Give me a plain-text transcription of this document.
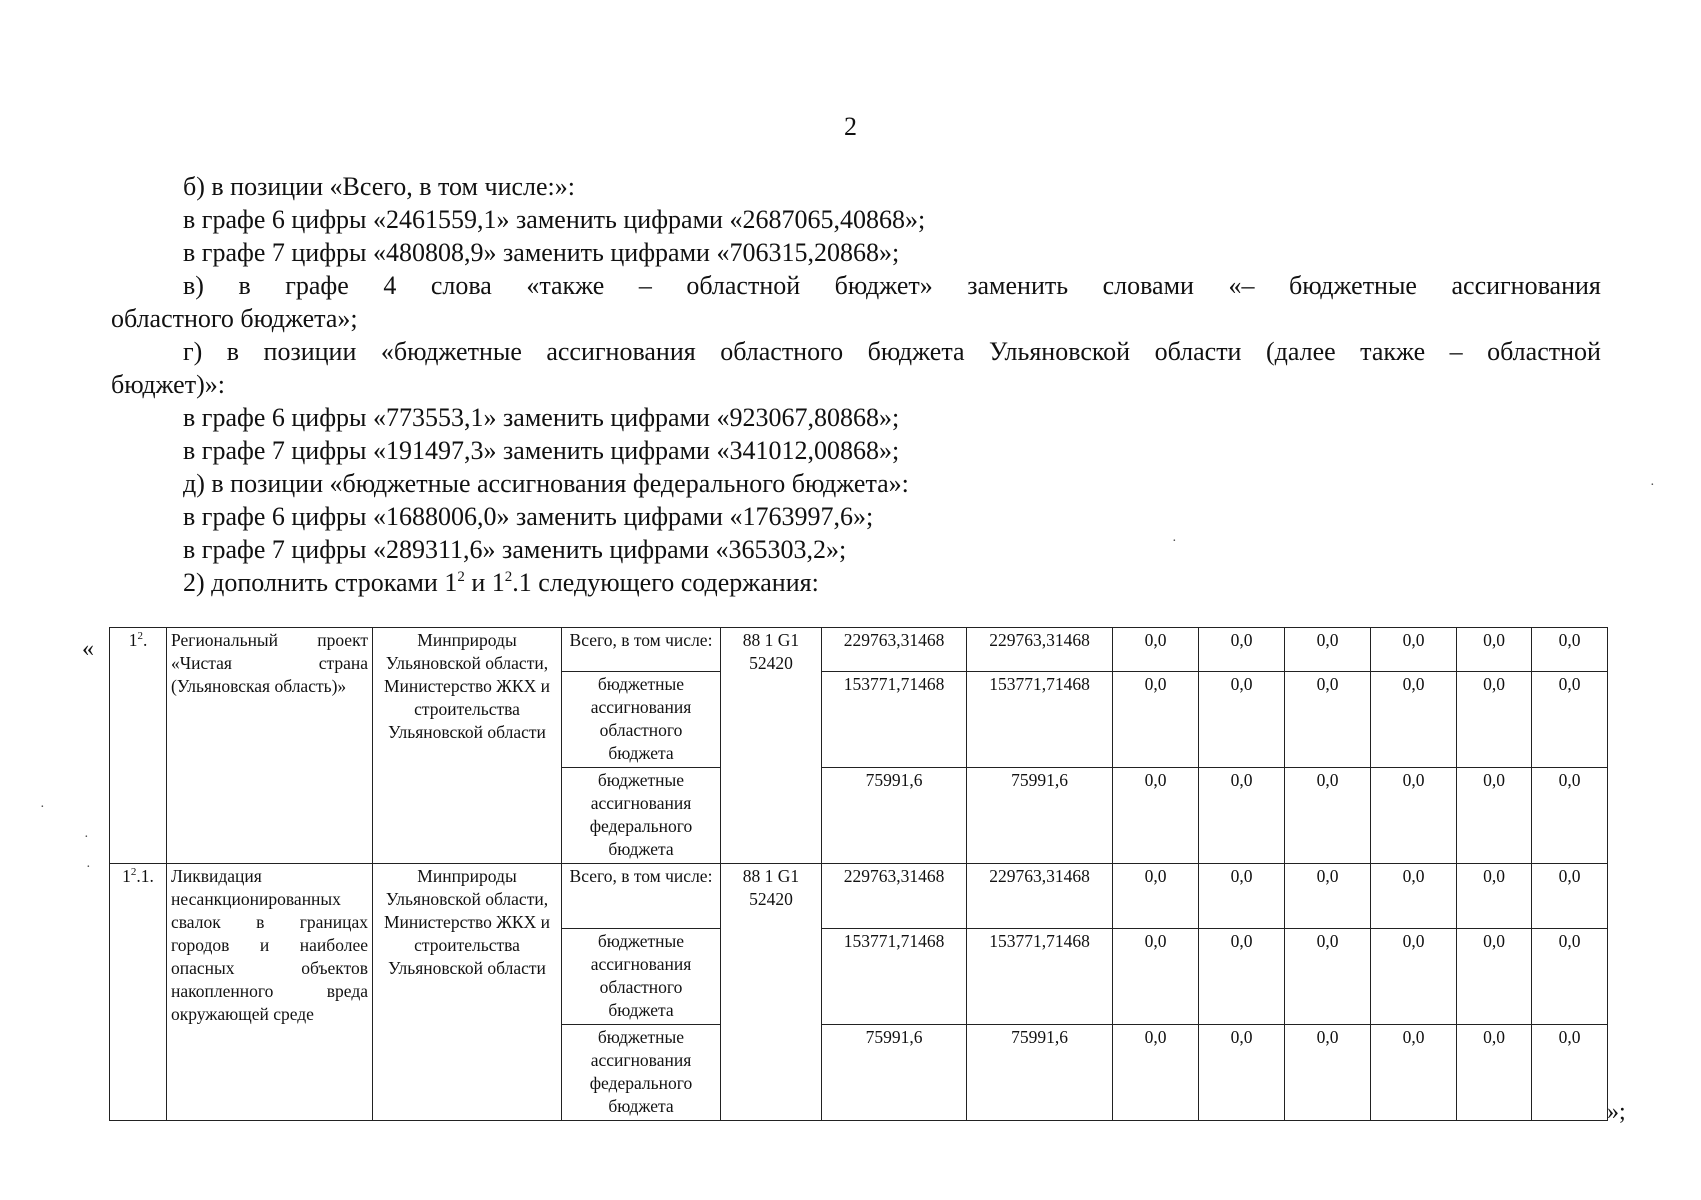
2
б) в позиции «Всего, в том числе:»:
в графе 6 цифры «2461559,1» заменить цифрами «2687065,40868»;
в графе 7 цифры «480808,9» заменить цифрами «706315,20868»;
в) в графе 4 слова «также – областной бюджет» заменить словами «– бюджетные ассигнования
областного бюджета»;
г) в позиции «бюджетные ассигнования областного бюджета Ульяновской области (далее также – областной
бюджет)»:
в графе 6 цифры «773553,1» заменить цифрами «923067,80868»;
в графе 7 цифры «191497,3» заменить цифрами «341012,00868»;
д) в позиции «бюджетные ассигнования федерального бюджета»:
в графе 6 цифры «1688006,0» заменить цифрами «1763997,6»;
в графе 7 цифры «289311,6» заменить цифрами «365303,2»;
2) дополнить строками $1^2$ и $1^2.1$ следующего содержания:
« $1^2$.	Региональный проект «Чистая страна (Ульяновская область)»	Минприроды Ульяновской области, Министерство ЖКХ и строительства Ульяновской области	Всего, в том числе:	88 1 G1 52420	229763,31468	229763,31468	0,0	0,0	0,0	0,0	0,0	0,0
			бюджетные ассигнования областного бюджета		153771,71468	153771,71468	0,0	0,0	0,0	0,0	0,0	0,0
			бюджетные ассигнования федерального бюджета		75991,6	75991,6	0,0	0,0	0,0	0,0	0,0	0,0
$1^2.1$.	Ликвидация несанкционированных свалок в границах городов и наиболее опасных объектов накопленного вреда окружающей среде	Минприроды Ульяновской области, Министерство ЖКХ и строительства Ульяновской области	Всего, в том числе:	88 1 G1 52420	229763,31468	229763,31468	0,0	0,0	0,0	0,0	0,0	0,0
			бюджетные ассигнования областного бюджета		153771,71468	153771,71468	0,0	0,0	0,0	0,0	0,0	0,0
			бюджетные ассигнования федерального бюджета		75991,6	75991,6	0,0	0,0	0,0	0,0	0,0	0,0
»;
·
·
·
·
·
